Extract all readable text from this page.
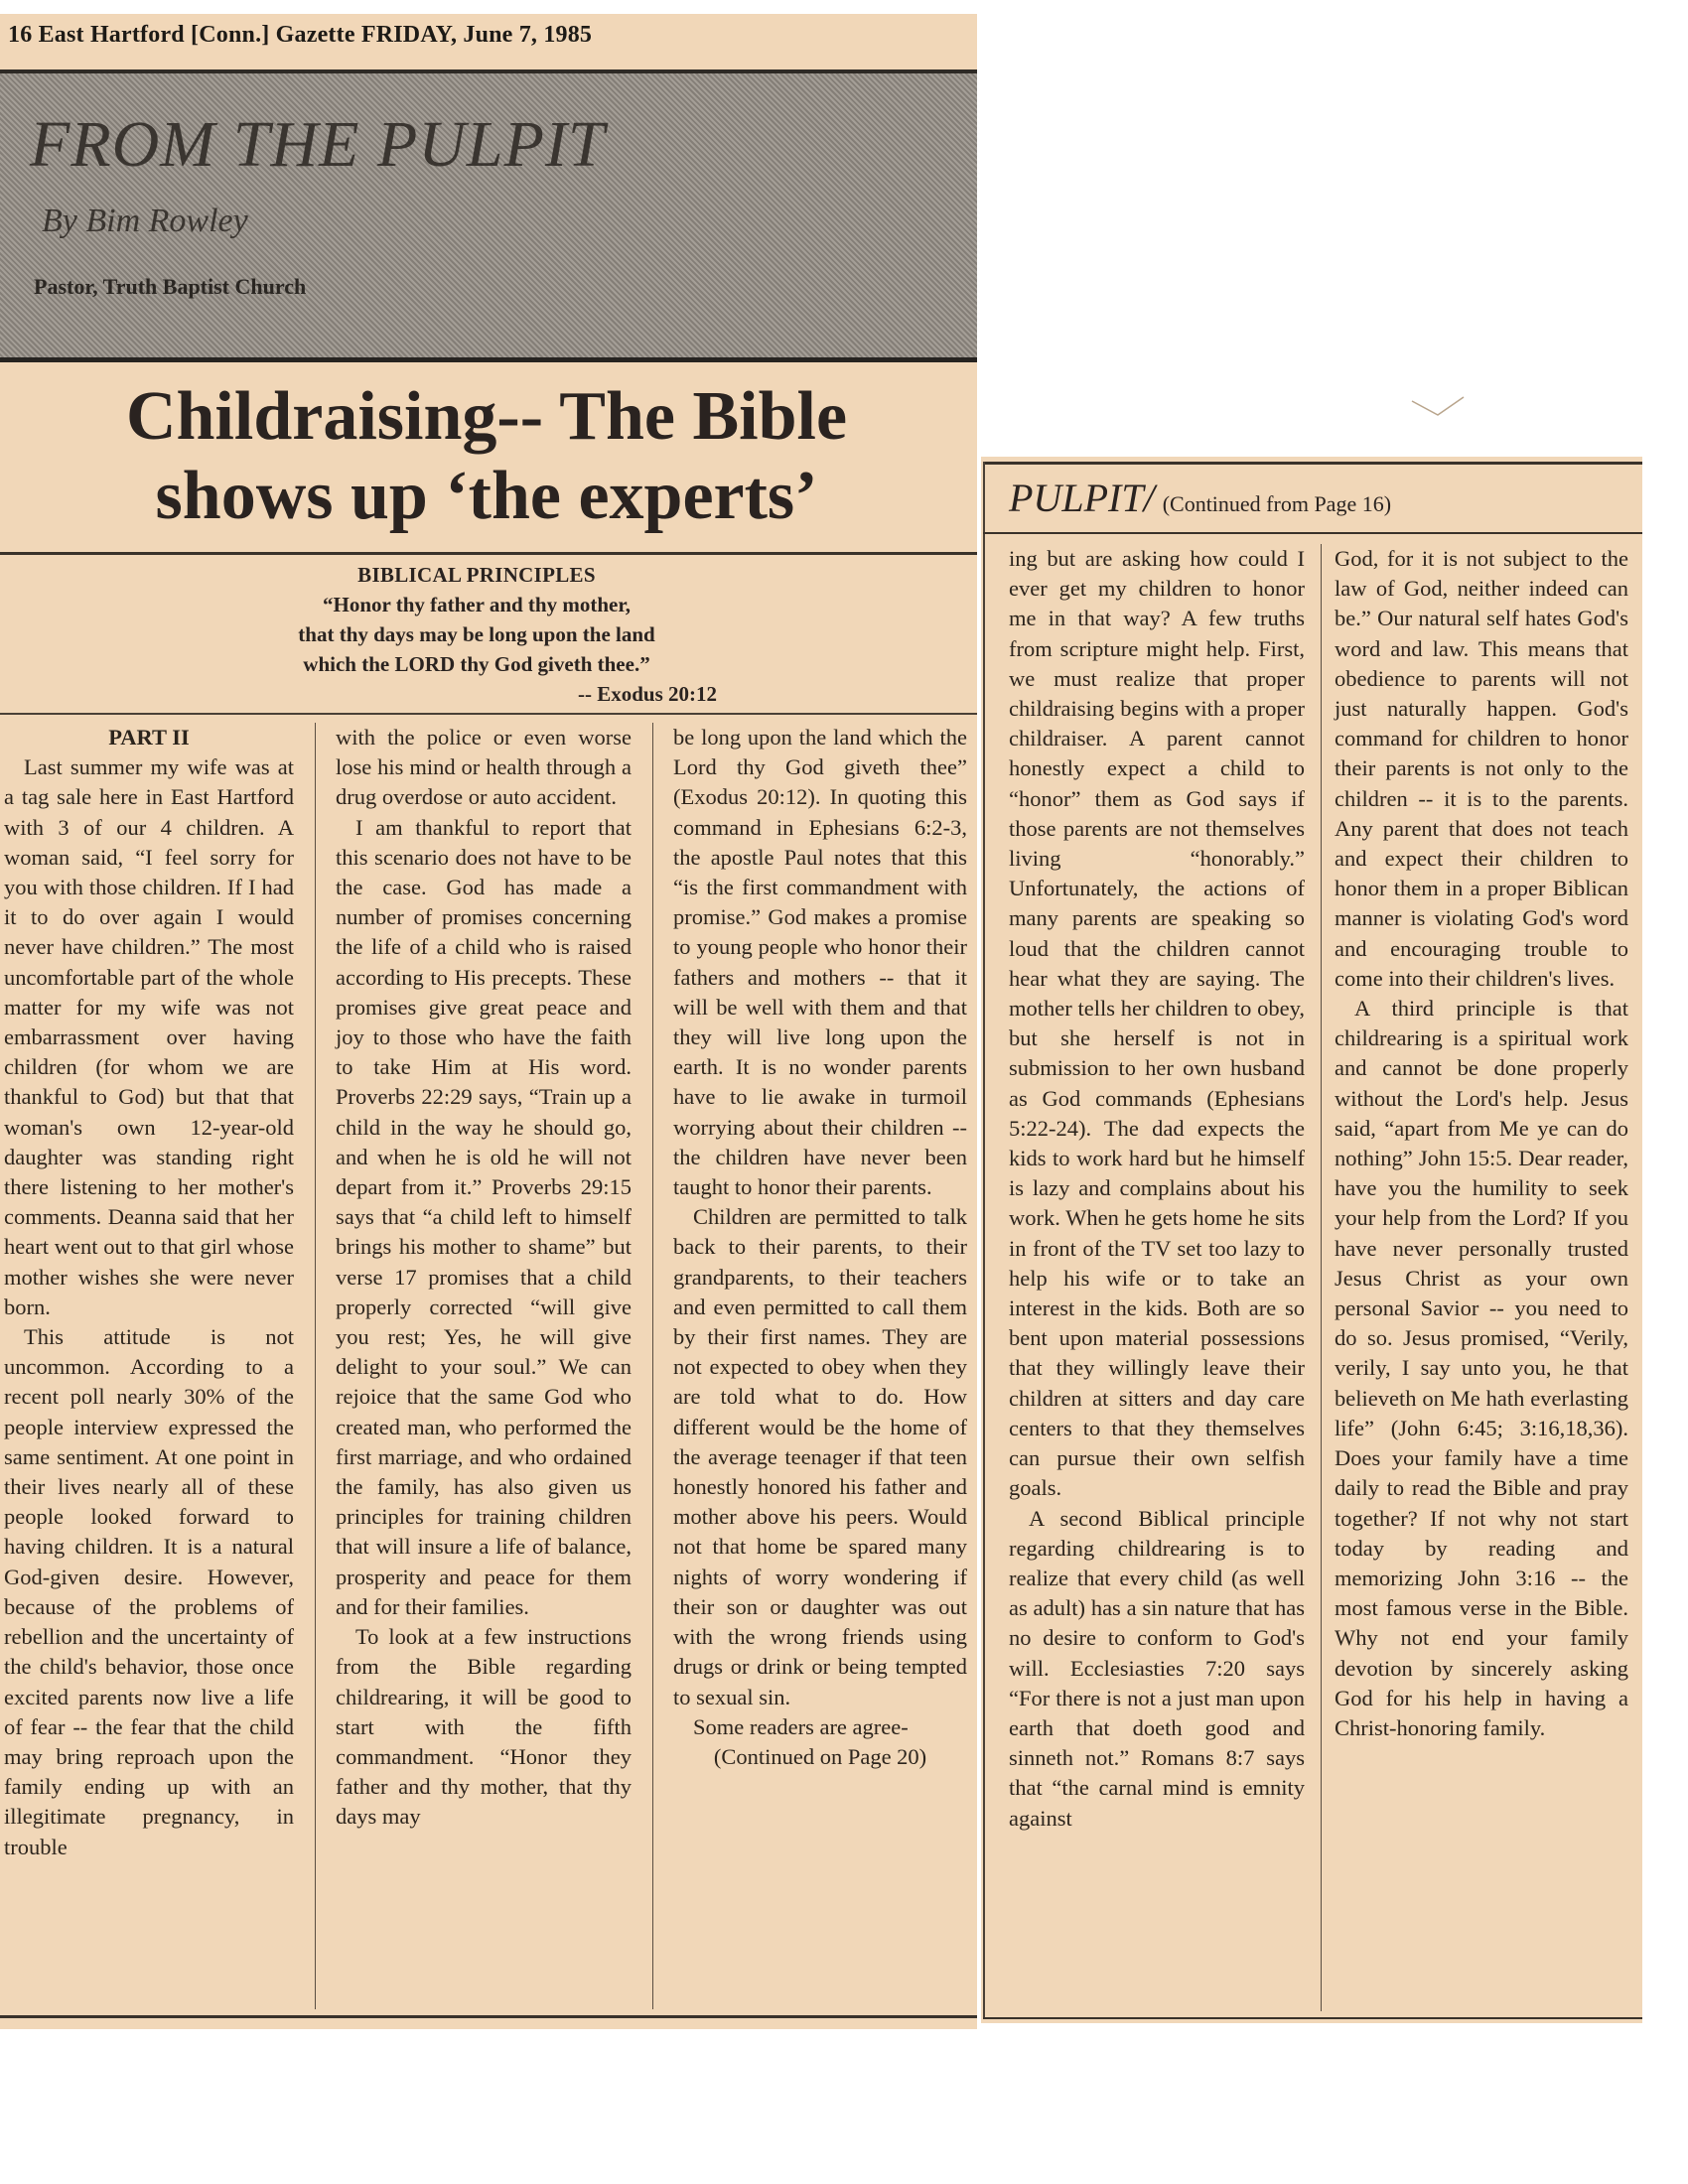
16 East Hartford [Conn.] Gazette FRIDAY, June 7, 1985
FROM THE PULPIT
By Bim Rowley
Pastor, Truth Baptist Church
Childraising-- The Bible
shows up ‘the experts’
BIBLICAL PRINCIPLES
“Honor thy father and thy mother,
that thy days may be long upon the land
which the LORD thy God giveth thee.”
-- Exodus 20:12

PART II

Last summer my wife was at a tag sale here in East Hartford with 3 of our 4 children. A woman said, “I feel sorry for you with those children. If I had it to do over again I would never have children.” The most uncomfortable part of the whole matter for my wife was not embarrassment over having children (for whom we are thankful to God) but that that woman's own 12-year-old daughter was standing right there listening to her mother's comments. Deanna said that her heart went out to that girl whose mother wishes she were never born.

This attitude is not uncommon. According to a recent poll nearly 30% of the people interview expressed the same sentiment. At one point in their lives nearly all of these people looked forward to having children. It is a natural God-given desire. However, because of the problems of rebellion and the uncertainty of the child's behavior, those once excited parents now live a life of fear -- the fear that the child may bring reproach upon the family ending up with an illegitimate pregnancy, in trouble

with the police or even worse lose his mind or health through a drug overdose or auto accident.

I am thankful to report that this scenario does not have to be the case. God has made a number of promises concerning the life of a child who is raised according to His precepts. These promises give great peace and joy to those who have the faith to take Him at His word. Proverbs 22:29 says, “Train up a child in the way he should go, and when he is old he will not depart from it.” Proverbs 29:15 says that “a child left to himself brings his mother to shame” but verse 17 promises that a child properly corrected “will give you rest; Yes, he will give delight to your soul.” We can rejoice that the same God who created man, who performed the first marriage, and who ordained the family, has also given us principles for training children that will insure a life of balance, prosperity and peace for them and for their families.

To look at a few instructions from the Bible regarding childrearing, it will be good to start with the fifth commandment. “Honor they father and thy mother, that thy days may

be long upon the land which the Lord thy God giveth thee” (Exodus 20:12). In quoting this command in Ephesians 6:2-3, the apostle Paul notes that this “is the first commandment with promise.” God makes a promise to young people who honor their fathers and mothers -- that it will be well with them and that they will live long upon the earth. It is no wonder parents have to lie awake in turmoil worrying about their children -- the children have never been taught to honor their parents.

Children are permitted to talk back to their parents, to their grandparents, to their teachers and even permitted to call them by their first names. They are not expected to obey when they are told what to do. How different would be the home of the average teenager if that teen honestly honored his father and mother above his peers. Would not that home be spared many nights of worry wondering if their son or daughter was out with the wrong friends using drugs or drink or being tempted to sexual sin.

Some readers are agree-

(Continued on Page 20)

PULPIT/ (Continued from Page 16)

ing but are asking how could I ever get my children to honor me in that way? A few truths from scripture might help. First, we must realize that proper childraising begins with a proper childraiser. A parent cannot honestly expect a child to “honor” them as God says if those parents are not themselves living “honorably.” Unfortunately, the actions of many parents are speaking so loud that the children cannot hear what they are saying. The mother tells her children to obey, but she herself is not in submission to her own husband as God commands (Ephesians 5:22-24). The dad expects the kids to work hard but he himself is lazy and complains about his work. When he gets home he sits in front of the TV set too lazy to help his wife or to take an interest in the kids. Both are so bent upon material possessions that they willingly leave their children at sitters and day care centers to that they themselves can pursue their own selfish goals.

A second Biblical principle regarding childrearing is to realize that every child (as well as adult) has a sin nature that has no desire to conform to God's will. Ecclesiasties 7:20 says “For there is not a just man upon earth that doeth good and sinneth not.” Romans 8:7 says that “the carnal mind is emnity against

God, for it is not subject to the law of God, neither indeed can be.” Our natural self hates God's word and law. This means that obedience to parents will not just naturally happen. God's command for children to honor their parents is not only to the children -- it is to the parents. Any parent that does not teach and expect their children to honor them in a proper Biblican manner is violating God's word and encouraging trouble to come into their children's lives.

A third principle is that childrearing is a spiritual work and cannot be done properly without the Lord's help. Jesus said, “apart from Me ye can do nothing” John 15:5. Dear reader, have you the humility to seek your help from the Lord? If you have never personally trusted Jesus Christ as your own personal Savior -- you need to do so. Jesus promised, “Verily, verily, I say unto you, he that believeth on Me hath everlasting life” (John 6:45; 3:16,18,36). Does your family have a time daily to read the Bible and pray together? If not why not start today by reading and memorizing John 3:16 -- the most famous verse in the Bible. Why not end your family devotion by sincerely asking God for his help in having a Christ-honoring family.
